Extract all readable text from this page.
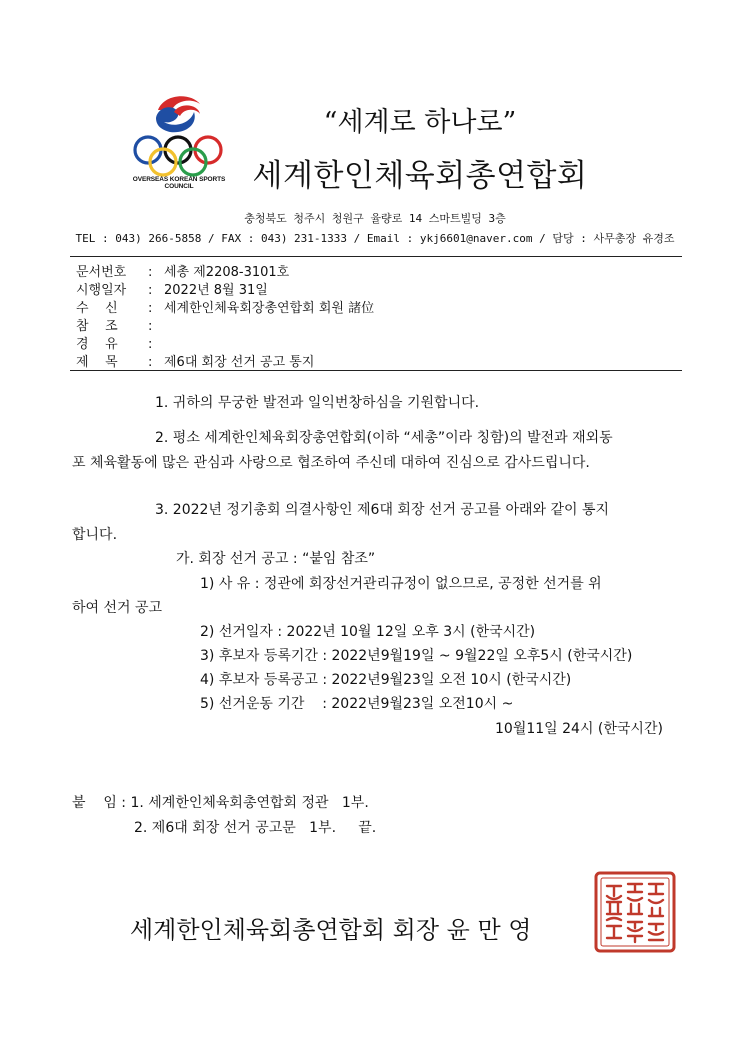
OVERSEAS KOREAN SPORTS COUNCIL
“세계로 하나로”
세계한인체육회총연합회
충청북도 청주시 청원구 율량로 14 스마트빌딩 3층
TEL : 043) 266-5858 / FAX : 043) 231-1333 / Email : ykj6601@naver.com / 담당 : 사무총장 유경조
문서번호 : 세총 제2208-3101호
시행일자 : 2022년 8월 31일
수    신 : 세계한인체육회장총연합회 회원 諸位
참    조 :
경    유 :
제    목 : 제6대 회장 선거 공고 통지
1. 귀하의 무궁한 발전과 일익번창하심을 기원합니다.
2. 평소 세계한인체육회장총연합회(이하 “세총”이라 칭함)의 발전과 재외동
포 체육활동에 많은 관심과 사랑으로 협조하여 주신데 대하여 진심으로 감사드립니다.
3. 2022년 정기총회 의결사항인 제6대 회장 선거 공고를 아래와 같이 통지
합니다.
가. 회장 선거 공고 : “붙임 참조”
1) 사 유 : 정관에 회장선거관리규정이 없으므로, 공정한 선거를 위
하여 선거 공고
2) 선거일자 : 2022년 10월 12일 오후 3시 (한국시간)
3) 후보자 등록기간 : 2022년9월19일 ~ 9월22일 오후5시 (한국시간)
4) 후보자 등록공고 : 2022년9월23일 오전 10시 (한국시간)
5) 선거운동 기간    : 2022년9월23일 오전10시 ~
10월11일 24시 (한국시간)
붙    임 : 1. 세계한인체육회총연합회 정관   1부.
2. 제6대 회장 선거 공고문   1부.     끝.
세계한인체육회총연합회 회장 윤 만 영
